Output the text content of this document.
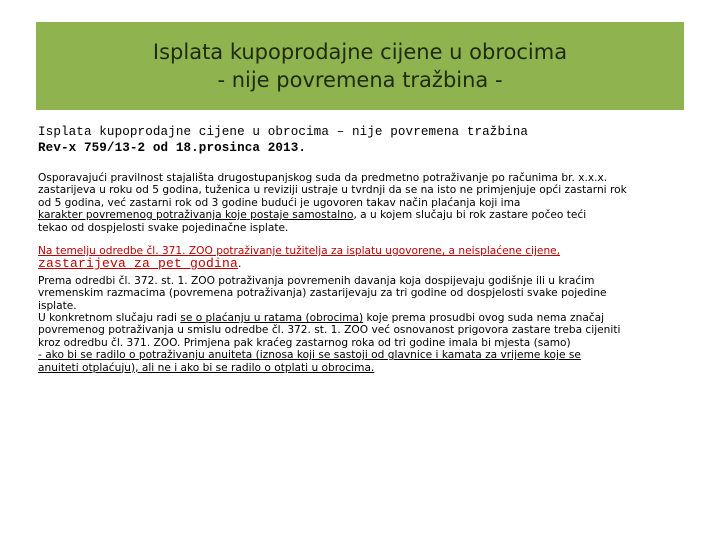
Isplata kupoprodajne cijene u obrocima
- nije povremena tražbina -
Isplata kupoprodajne cijene u obrocima – nije povremena tražbina
Rev-x 759/13-2 od 18.prosinca 2013.

Osporavajući pravilnost stajališta drugostupanjskog suda da predmetno potraživanje po računima br. x.x.x.
zastarijeva u roku od 5 godina, tuženica u reviziji ustraje u tvrdnji da se na isto ne primjenjuje opći zastarni rok
od 5 godina, već zastarni rok od 3 godine budući je ugovoren takav način plaćanja koji ima
karakter povremenog potraživanja koje postaje samostalno, a u kojem slučaju bi rok zastare počeo teći
tekao od dospjelosti svake pojedinačne isplate.

Na temelju odredbe čl. 371. ZOO potraživanje tužitelja za isplatu ugovorene, a neisplaćene cijene,
zastarijeva za pet godina.

Prema odredbi čl. 372. st. 1. ZOO potraživanja povremenih davanja koja dospijevaju godišnje ili u kraćim
vremenskim razmacima (povremena potraživanja) zastarijevaju za tri godine od dospjelosti svake pojedine
isplate.
U konkretnom slučaju radi se o plaćanju u ratama (obrocima) koje prema prosudbi ovog suda nema značaj
povremenog potraživanja u smislu odredbe čl. 372. st. 1. ZOO već osnovanost prigovora zastare treba cijeniti
kroz odredbu čl. 371. ZOO. Primjena pak kraćeg zastarnog roka od tri godine imala bi mjesta (samo)
- ako bi se radilo o potraživanju anuiteta (iznosa koji se sastoji od glavnice i kamata za vrijeme koje se
anuiteti otplaćuju), ali ne i ako bi se radilo o otplati u obrocima.
